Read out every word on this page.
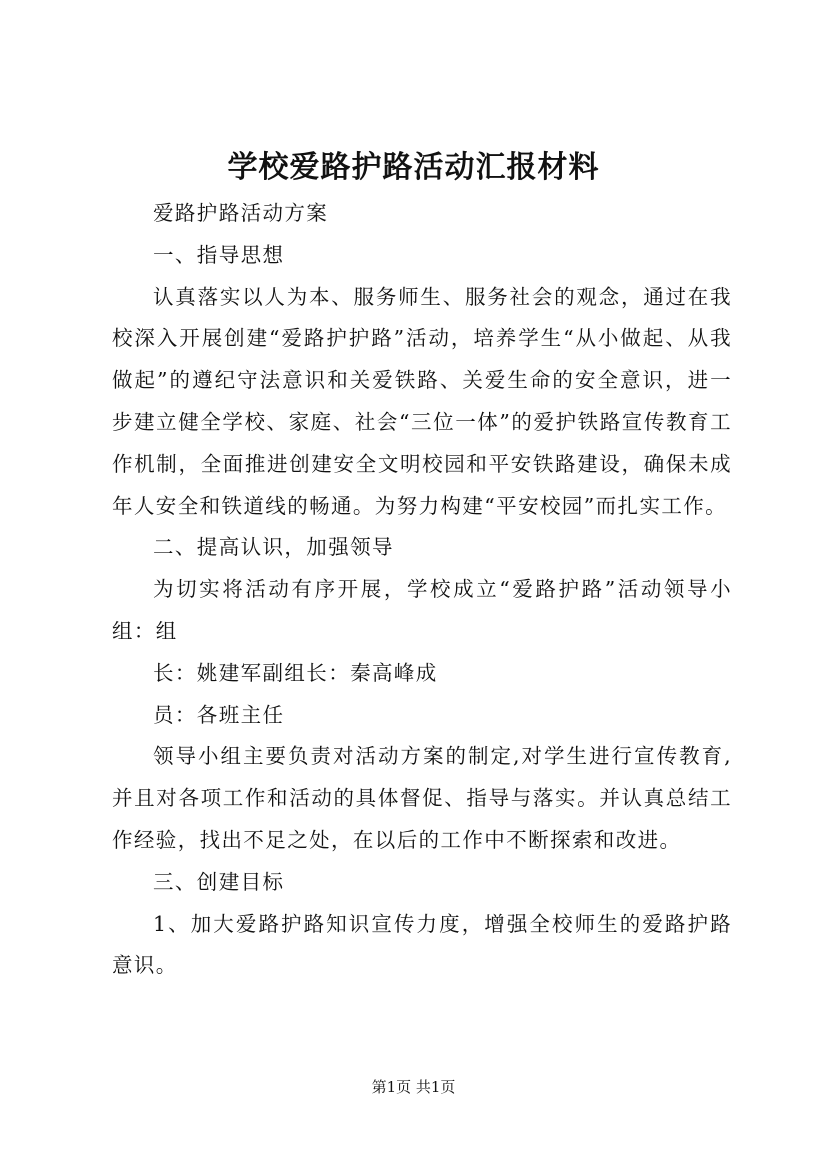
学校爱路护路活动汇报材料

爱路护路活动方案

一、指导思想

认真落实以人为本、服务师生、服务社会的观念，通过在我校深入开展创建“爱路护护路”活动，培养学生“从小做起、从我做起”的遵纪守法意识和关爱铁路、关爱生命的安全意识，进一步建立健全学校、家庭、社会“三位一体”的爱护铁路宣传教育工作机制，全面推进创建安全文明校园和平安铁路建设，确保未成年人安全和铁道线的畅通。为努力构建“平安校园”而扎实工作。

二、提高认识，加强领导

为切实将活动有序开展，学校成立“爱路护路”活动领导小组：组

长：姚建军副组长：秦高峰成

员：各班主任

领导小组主要负责对活动方案的制定,对学生进行宣传教育,并且对各项工作和活动的具体督促、指导与落实。并认真总结工作经验，找出不足之处，在以后的工作中不断探索和改进。

三、创建目标

1、加大爱路护路知识宣传力度，增强全校师生的爱路护路意识。

第1页 共1页
